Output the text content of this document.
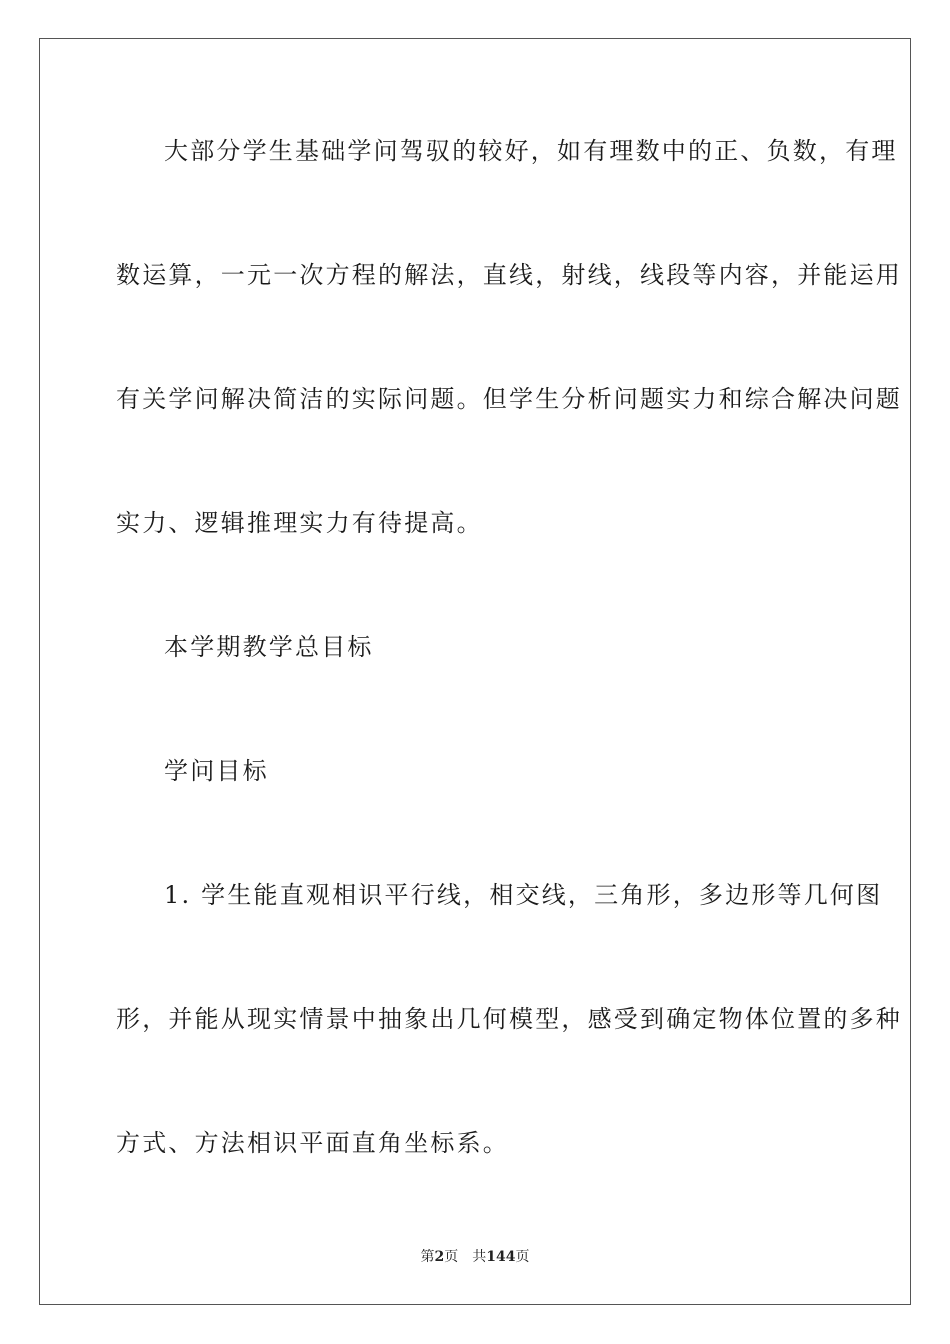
大部分学生基础学问驾驭的较好，如有理数中的正、负数，有理
数运算，一元一次方程的解法，直线，射线，线段等内容，并能运用
有关学问解决简洁的实际问题。但学生分析问题实力和综合解决问题
实力、逻辑推理实力有待提高。
本学期教学总目标
学问目标
1. 学生能直观相识平行线，相交线，三角形，多边形等几何图
形，并能从现实情景中抽象出几何模型，感受到确定物体位置的多种
方式、方法相识平面直角坐标系。
第2页 共144页
